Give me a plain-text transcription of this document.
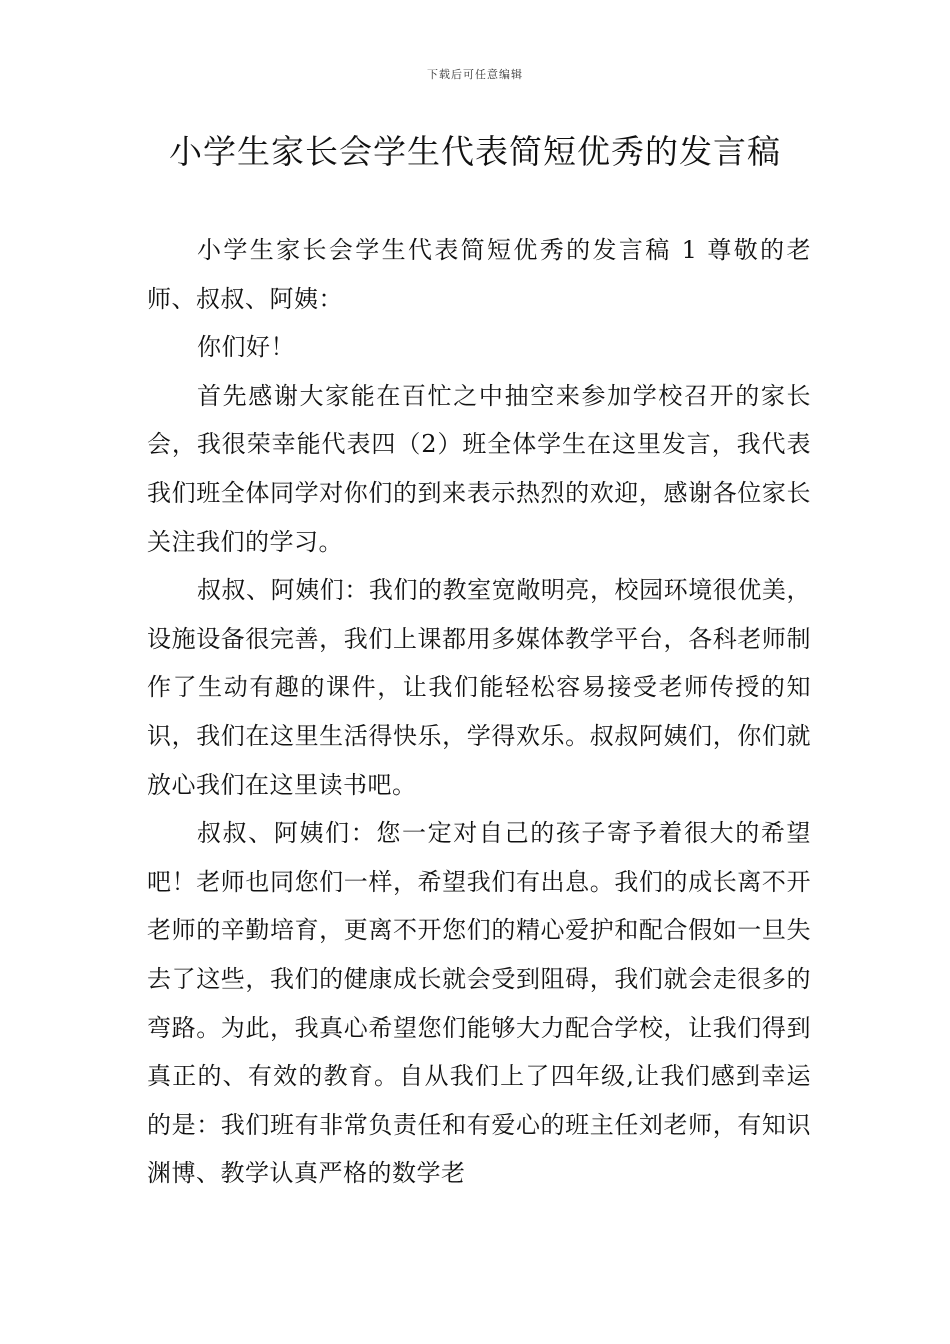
下载后可任意编辑
小学生家长会学生代表简短优秀的发言稿

小学生家长会学生代表简短优秀的发言稿 1 尊敬的老师、叔叔、阿姨：

你们好！

首先感谢大家能在百忙之中抽空来参加学校召开的家长会，我很荣幸能代表四（2）班全体学生在这里发言，我代表我们班全体同学对你们的到来表示热烈的欢迎，感谢各位家长关注我们的学习。

叔叔、阿姨们：我们的教室宽敞明亮，校园环境很优美，设施设备很完善，我们上课都用多媒体教学平台，各科老师制作了生动有趣的课件，让我们能轻松容易接受老师传授的知识，我们在这里生活得快乐，学得欢乐。叔叔阿姨们，你们就放心我们在这里读书吧。

叔叔、阿姨们：您一定对自己的孩子寄予着很大的希望吧！老师也同您们一样，希望我们有出息。我们的成长离不开老师的辛勤培育，更离不开您们的精心爱护和配合假如一旦失去了这些，我们的健康成长就会受到阻碍，我们就会走很多的弯路。为此，我真心希望您们能够大力配合学校，让我们得到真正的、有效的教育。自从我们上了四年级,让我们感到幸运的是：我们班有非常负责任和有爱心的班主任刘老师，有知识渊博、教学认真严格的数学老
